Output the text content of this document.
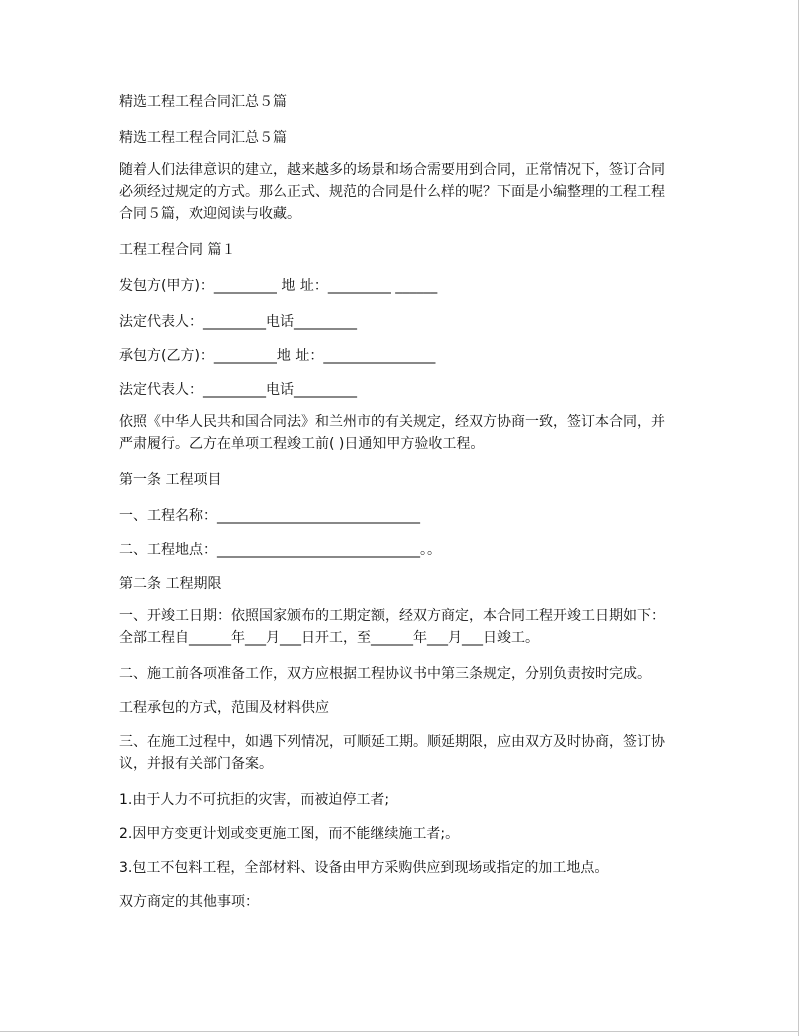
精选工程工程合同汇总５篇
精选工程工程合同汇总５篇
随着人们法律意识的建立，越来越多的场景和场合需要用到合同，正常情况下，签订合同
必须经过规定的方式。那么正式、规范的合同是什么样的呢？下面是小编整理的工程工程
合同５篇，欢迎阅读与收藏。
工程工程合同 篇１
发包方(甲方)：_________ 地 址：_________ ______
法定代表人：_________电话_________
承包方(乙方)：_________地 址：________________
法定代表人：_________电话_________
依照《中华人民共和国合同法》和兰州市的有关规定，经双方协商一致，签订本合同，并
严肃履行。乙方在单项工程竣工前( )日通知甲方验收工程。
第一条 工程项目
一、工程名称：_____________________________
二、工程地点：_____________________________。。
第二条 工程期限
一、开竣工日期：依照国家颁布的工期定额，经双方商定，本合同工程开竣工日期如下：
全部工程自______年___月___日开工，至______年___月___日竣工。
二、施工前各项准备工作，双方应根据工程协议书中第三条规定，分别负责按时完成。
工程承包的方式，范围及材料供应
三、在施工过程中，如遇下列情况，可顺延工期。顺延期限，应由双方及时协商，签订协
议，并报有关部门备案。
1.由于人力不可抗拒的灾害，而被迫停工者;
2.因甲方变更计划或变更施工图，而不能继续施工者;。
3.包工不包料工程，全部材料、设备由甲方采购供应到现场或指定的加工地点。
双方商定的其他事项：
